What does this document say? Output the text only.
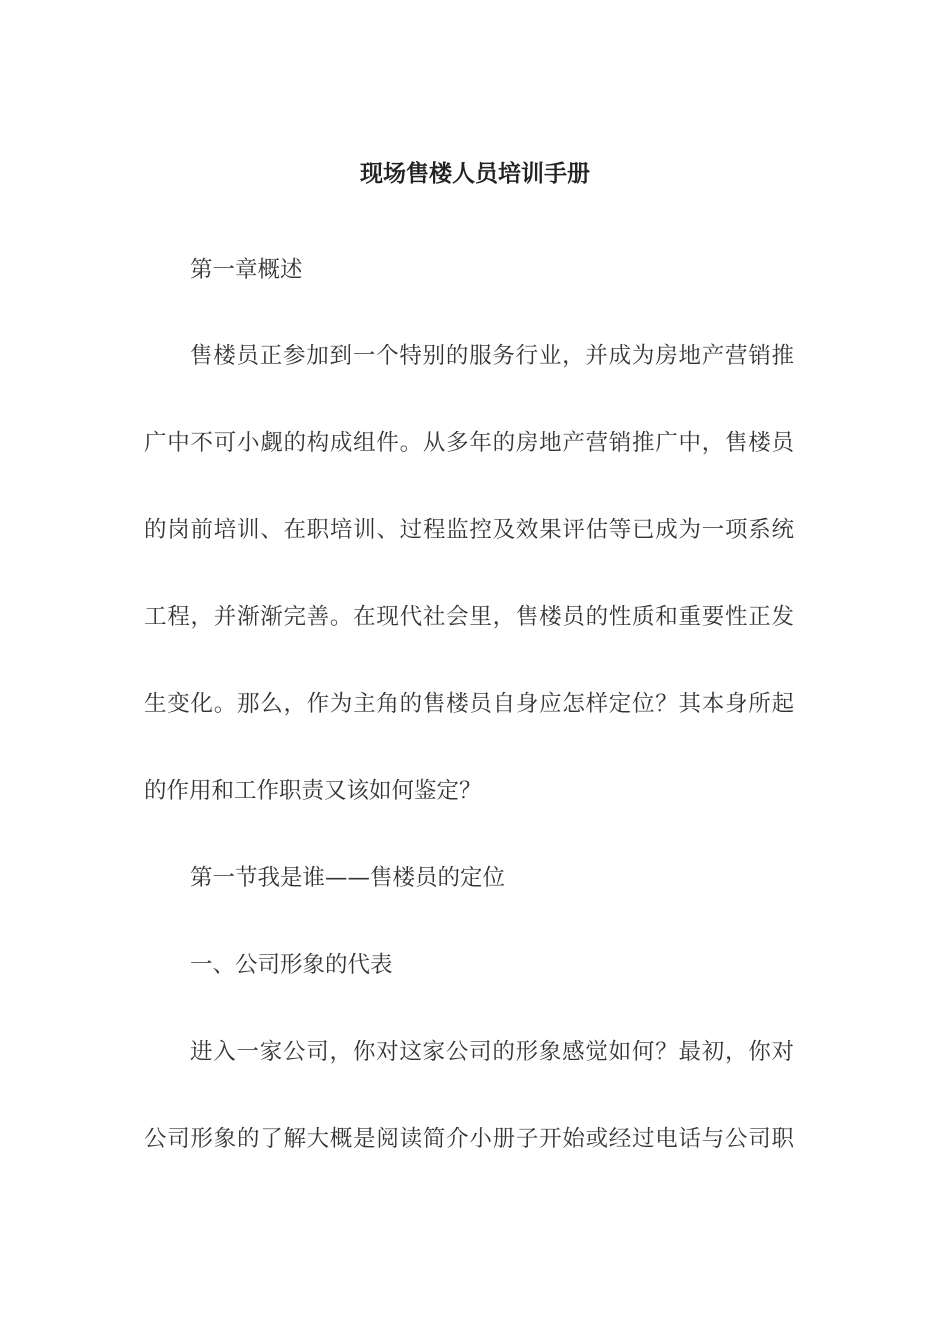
现场售楼人员培训手册
第一章概述
售楼员正参加到一个特别的服务行业，并成为房地产营销推
广中不可小觑的构成组件。从多年的房地产营销推广中，售楼员
的岗前培训、在职培训、过程监控及效果评估等已成为一项系统
工程，并渐渐完善。在现代社会里，售楼员的性质和重要性正发
生变化。那么，作为主角的售楼员自身应怎样定位？其本身所起
的作用和工作职责又该如何鉴定？
第一节我是谁——售楼员的定位
一、公司形象的代表
进入一家公司，你对这家公司的形象感觉如何？最初，你对
公司形象的了解大概是阅读简介小册子开始或经过电话与公司职
